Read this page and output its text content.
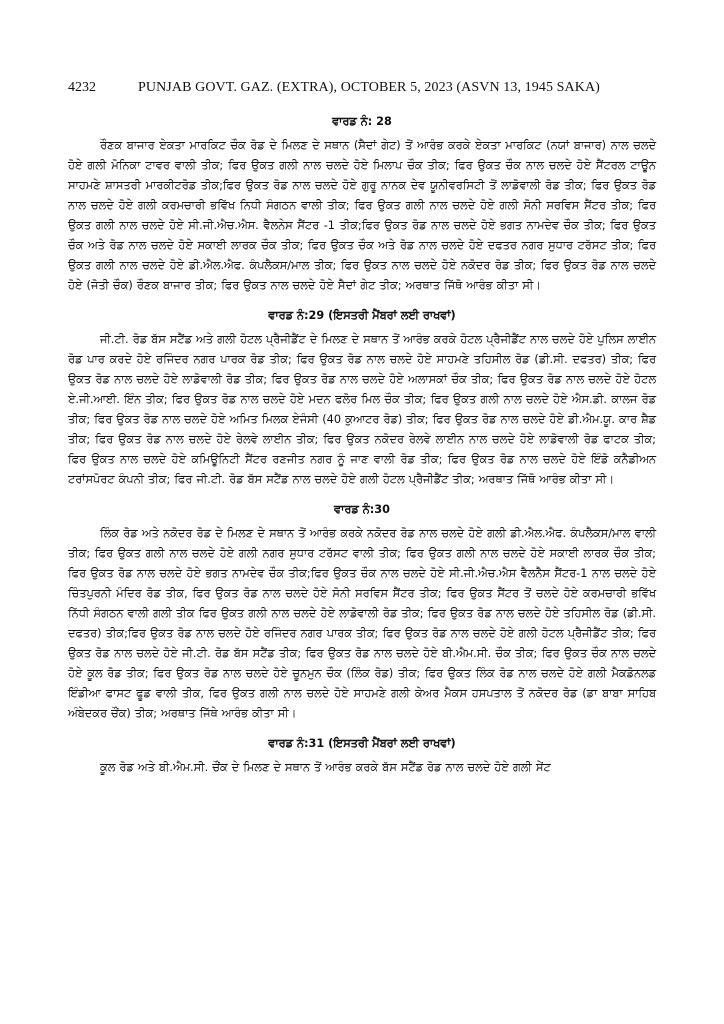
4232	PUNJAB GOVT. GAZ. (EXTRA), OCTOBER 5, 2023 (ASVN 13, 1945 SAKA)

ਵਾਰਡ ਨੰ: 28

ਰੌਣਕ ਬਾਜਾਰ ਏਕਤਾ ਮਾਰਕਿਟ ਚੌਕ ਰੋਡ ਦੇ ਮਿਲਣ ਦੇ ਸਥਾਨ (ਸੈਦਾਂ ਗੇਟ) ਤੋਂ ਆਰੰਭ ਕਰਕੇ ਏਕਤਾ ਮਾਰਕਿਟ (ਨਯਾਂ ਬਾਜਾਰ) ਨਾਲ ਚਲਦੇ ਹੋਏ ਗਲੀ ਮੋਨਿਕਾ ਟਾਵਰ ਵਾਲੀ ਤੀਕ; ਫਿਰ ਉਕਤ ਗਲੀ ਨਾਲ ਚਲਦੇ ਹੋਏ ਮਿਲਾਪ ਚੌਕ ਤੀਕ; ਫਿਰ ਉਕਤ ਚੌਕ ਨਾਲ ਚਲਦੇ ਹੋਏ ਸੈਂਟਰਲ ਟਾਊਨ ਸਾਹਮਣੇ ਸ਼ਾਸਤਰੀ ਮਾਰਕੀਟਰੋਡ ਤੀਕ;ਫਿਰ ਉਕਤ ਰੋਡ ਨਾਲ ਚਲਦੇ ਹੋਏ ਗੁਰੂ ਨਾਨਕ ਦੇਵ ਯੂਨੀਵਰਸਿਟੀ ਤੋਂ ਲਾਡੋਵਾਲੀ ਰੋਡ ਤੀਕ; ਫਿਰ ਉਕਤ ਰੋਡ ਨਾਲ ਚਲਦੇ ਹੋਏ ਗਲੀ ਕਰਮਚਾਰੀ ਭਵਿੱਖ ਨਿਧੀ ਸੰਗਠਨ ਵਾਲੀ ਤੀਕ; ਫਿਰ ਉਕਤ ਗਲੀ ਨਾਲ ਚਲਦੇ ਹੋਏ ਗਲੀ ਸੋਨੀ ਸਰਵਿਸ ਸੈਂਟਰ ਤੀਕ; ਫਿਰ ਉਕਤ ਗਲੀ ਨਾਲ ਚਲਦੇ ਹੋਏ ਸੀ.ਜੀ.ਐਚ.ਐਸ. ਵੈਲਨੇਸ ਸੈਂਟਰ -1 ਤੀਕ;ਫਿਰ ਉਕਤ ਰੋਡ ਨਾਲ ਚਲਦੇ ਹੋਏ ਭਗਤ ਨਾਮਦੇਵ ਚੌਕ ਤੀਕ; ਫਿਰ ਉਕਤ ਚੌਕ ਅਤੇ ਰੋਡ ਨਾਲ ਚਲਦੇ ਹੋਏ ਸਕਾਈ ਲਾਰਕ ਚੌਕ ਤੀਕ; ਫਿਰ ਉਕਤ ਚੌਕ ਅਤੇ ਰੋਡ ਨਾਲ ਚਲਦੇ ਹੋਏ ਦਫਤਰ ਨਗਰ ਸੁਧਾਰ ਟਰੱਸਟ ਤੀਕ; ਫਿਰ ਉਕਤ ਗਲੀ ਨਾਲ ਚਲਦੇ ਹੋਏ ਡੀ.ਐਲ.ਐਫ. ਕੰਪਲੈਕਸ/ਮਾਲ ਤੀਕ; ਫਿਰ ਉਕਤ ਨਾਲ ਚਲਦੇ ਹੋਏ ਨਕੋਦਰ ਰੋਡ ਤੀਕ; ਫਿਰ ਉਕਤ ਰੋਡ ਨਾਲ ਚਲਦੇ ਹੋਏ (ਜੋਤੀ ਚੌਕ) ਰੌਣਕ ਬਾਜਾਰ ਤੀਕ; ਫਿਰ ਉਕਤ ਨਾਲ ਚਲਦੇ ਹੋਏ ਸੈਦਾਂ ਗੇਟ ਤੀਕ; ਅਰਥਾਤ ਜਿੱਥੋ ਆਰੰਭ ਕੀਤਾ ਸੀ।

ਵਾਰਡ ਨੰ:29 (ਇਸਤਰੀ ਮੈਂਬਰਾਂ ਲਈ ਰਾਖਵਾਂ)

ਜੀ.ਟੀ. ਰੋਡ ਬੱਸ ਸਟੈਂਡ ਅਤੇ ਗਲੀ ਹੋਟਲ ਪ੍ਰੈਜੀਡੈਂਟ ਦੇ ਮਿਲਣ ਦੇ ਸਥਾਨ ਤੋਂ ਆਰੰਭ ਕਰਕੇ ਹੋਟਲ ਪ੍ਰੈਜੀਡੈਂਟ ਨਾਲ ਚਲਦੇ ਹੋਏ ਪੁਲਿਸ ਲਾਈਨ ਰੋਡ ਪਾਰ ਕਰਦੇ ਹੋਏ ਰਜਿੰਦਰ ਨਗਰ ਪਾਰਕ ਰੋਡ ਤੀਕ; ਫਿਰ ਉਕਤ ਰੋਡ ਨਾਲ ਚਲਦੇ ਹੋਏ ਸਾਹਮਣੇ ਤਹਿਸੀਲ ਰੋਡ (ਡੀ.ਸੀ. ਦਫਤਰ) ਤੀਕ; ਫਿਰ ਉਕਤ ਰੋਡ ਨਾਲ ਚਲਦੇ ਹੋਏ ਲਾਡੋਵਾਲੀ ਰੋਡ ਤੀਕ; ਫਿਰ ਉਕਤ ਰੋਡ ਨਾਲ ਚਲਦੇ ਹੋਏ ਅਲਾਸਕਾਂ ਚੌਕ ਤੀਕ; ਫਿਰ ਉਕਤ ਰੋਡ ਨਾਲ ਚਲਦੇ ਹੋਏ ਹੋਟਲ ਏ.ਜੀ.ਆਈ. ਇੰਨ ਤੀਕ; ਫਿਰ ਉਕਤ ਰੋਡ ਨਾਲ ਚਲਦੇ ਹੋਏ ਮਦਨ ਫਲੋਰ ਮਿਲ ਚੌਕ ਤੀਕ; ਫਿਰ ਉਕਤ ਗਲੀ ਨਾਲ ਚਲਦੇ ਹੋਏ ਐਸ.ਡੀ. ਕਾਲਜ ਰੋਡ ਤੀਕ; ਫਿਰ ਉਕਤ ਰੋਡ ਨਾਲ ਚਲਦੇ ਹੋਏ ਅਮਿਤ ਮਿਲਕ ਏਜੰਸੀ (40 ਕੁਆਟਰ ਰੋਡ) ਤੀਕ; ਫਿਰ ਉਕਤ ਰੋਡ ਨਾਲ ਚਲਦੇ ਹੋਏ ਡੀ.ਐਮ.ਯੂ. ਕਾਰ ਸ਼ੈਡ ਤੀਕ; ਫਿਰ ਉਕਤ ਰੋਡ ਨਾਲ ਚਲਦੇ ਹੋਏ ਰੇਲਵੇ ਲਾਈਨ ਤੀਕ; ਫਿਰ ਉਕਤ ਨਕੋਦਰ ਰੇਲਵੇ ਲਾਈਨ ਨਾਲ ਚਲਦੇ ਹੋਏ ਲਾਡੋਵਾਲੀ ਰੋਡ ਫਾਟਕ ਤੀਕ; ਫਿਰ ਉਕਤ ਨਾਲ ਚਲਦੇ ਹੋਏ ਕਮਿਊਨਿਟੀ ਸੈਂਟਰ ਰਣਜੀਤ ਨਗਰ ਨੂੰ ਜਾਣ ਵਾਲੀ ਰੋਡ ਤੀਕ; ਫਿਰ ਉਕਤ ਰੋਡ ਨਾਲ ਚਲਦੇ ਹੋਏ ਇੰਡੋ ਕਨੈਡੀਅਨ ਟਰਾਂਸਪੋਰਟ ਕੰਪਨੀ ਤੀਕ; ਫਿਰ ਜੀ.ਟੀ. ਰੋਡ ਬੱਸ ਸਟੈਂਡ ਨਾਲ ਚਲਦੇ ਹੋਏ ਗਲੀ ਹੋਟਲ ਪ੍ਰੈਜੀਡੈਂਟ ਤੀਕ; ਅਰਥਾਤ ਜਿੱਥੋ ਆਰੰਭ ਕੀਤਾ ਸੀ।

ਵਾਰਡ ਨੰ:30

ਲਿੰਕ ਰੋਡ ਅਤੇ ਨਕੋਦਰ ਰੋਡ ਦੇ ਮਿਲਣ ਦੇ ਸਥਾਨ ਤੋਂ ਆਰੰਭ ਕਰਕੇ ਨਕੋਦਰ ਰੋਡ ਨਾਲ ਚਲਦੇ ਹੋਏ ਗਲੀ ਡੀ.ਐਲ.ਐਫ. ਕੰਪਲੈਕਸ/ਮਾਲ ਵਾਲੀ ਤੀਕ; ਫਿਰ ਉਕਤ ਗਲੀ ਨਾਲ ਚਲਦੇ ਹੋਏ ਗਲੀ ਨਗਰ ਸੁਧਾਰ ਟਰੱਸਟ ਵਾਲੀ ਤੀਕ; ਫਿਰ ਉਕਤ ਗਲੀ ਨਾਲ ਚਲਦੇ ਹੋਏ ਸਕਾਈ ਲਾਰਕ ਚੌਕ ਤੀਕ; ਫਿਰ ਉਕਤ ਰੋਡ ਨਾਲ ਚਲਦੇ ਹੋਏ ਭਗਤ ਨਾਮਦੇਵ ਚੌਕ ਤੀਕ;ਫਿਰ ਉਕਤ ਚੌਕ ਨਾਲ ਚਲਦੇ ਹੋਏ ਸੀ.ਜੀ.ਐਚ.ਐਸ ਵੈਲਨੈਸ ਸੈਂਟਰ-1 ਨਾਲ ਚਲਦੇ ਹੋਏ ਚਿੰਤਪੁਰਨੀ ਮੰਦਿਰ ਰੋਡ ਤੀਕ, ਫਿਰ ਉਕਤ ਰੋਡ ਨਾਲ ਚਲਦੇ ਹੋਏ ਸੋਨੀ ਸਰਵਿਸ ਸੈਂਟਰ ਤੀਕ; ਫਿਰ ਉਕਤ ਸੈਂਟਰ ਤੋਂ ਚਲਦੇ ਹੋਏ ਕਰਮਚਾਰੀ ਭਵਿੱਖ ਨਿੱਧੀ ਸੰਗਠਨ ਵਾਲੀ ਗਲੀ ਤੀਕ ਫਿਰ ਉਕਤ ਗਲੀ ਨਾਲ ਚਲਦੇ ਹੋਏ ਲਾਡੋਵਾਲੀ ਰੋਡ ਤੀਕ; ਫਿਰ ਉਕਤ ਰੋਡ ਨਾਲ ਚਲਦੇ ਹੋਏ ਤਹਿਸੀਲ ਰੋਡ (ਡੀ.ਸੀ. ਦਫਤਰ) ਤੀਕ;ਫਿਰ ਉਕਤ ਰੋਡ ਨਾਲ ਚਲਦੇ ਹੋਏ ਰਜਿੰਦਰ ਨਗਰ ਪਾਰਕ ਤੀਕ; ਫਿਰ ਉਕਤ ਰੋਡ ਨਾਲ ਚਲਦੇ ਹੋਏ ਗਲੀ ਹੋਟਲ ਪ੍ਰੈਜੀਡੈਂਟ ਤੀਕ; ਫਿਰ ਉਕਤ ਰੋਡ ਨਾਲ ਚਲਦੇ ਹੋਏ ਜੀ.ਟੀ. ਰੋਡ ਬੱਸ ਸਟੈਂਡ ਤੀਕ; ਫਿਰ ਉਕਤ ਰੋਡ ਨਾਲ ਚਲਦੇ ਹੋਏ ਬੀ.ਐਮ.ਸੀ. ਚੌਕ ਤੀਕ; ਫਿਰ ਉਕਤ ਚੌਕ ਨਾਲ ਚਲਦੇ ਹੋਏ ਕੂਲ ਰੋਡ ਤੀਕ; ਫਿਰ ਉਕਤ ਰੋਡ ਨਾਲ ਚਲਦੇ ਹੋਏ ਚੂਨਮੁਨ ਚੌਕ (ਲਿੰਕ ਰੋਡ) ਤੀਕ; ਫਿਰ ਉਕਤ ਲਿੰਕ ਰੋਡ ਨਾਲ ਚਲਦੇ ਹੋਏ ਗਲੀ ਮੈਕਡੋਨਲਡ ਇੰਡੀਆ ਫਾਸਟ ਫੂਡ ਵਾਲੀ ਤੀਕ, ਫਿਰ ਉਕਤ ਗਲੀ ਨਾਲ ਚਲਦੇ ਹੋਏ ਸਾਹਮਣੇ ਗਲੀ ਕੇਅਰ ਮੈਕਸ ਹਸਪਤਾਲ ਤੋਂ ਨਕੋਦਰ ਰੋਡ (ਡਾ ਬਾਬਾ ਸਾਹਿਬ ਅੰਬੇਦਕਰ ਚੌਂਕ) ਤੀਕ; ਅਰਥਾਤ ਜਿੱਥੇ ਆਰੰਭ ਕੀਤਾ ਸੀ।

ਵਾਰਡ ਨੰ:31 (ਇਸਤਰੀ ਮੈਂਬਰਾਂ ਲਈ ਰਾਖਵਾਂ)

ਕੂਲ ਰੋਡ ਅਤੇ ਬੀ.ਐਮ.ਸੀ. ਚੌਂਕ ਦੇ ਮਿਲਣ ਦੇ ਸਥਾਨ ਤੋਂ ਆਰੰਭ ਕਰਕੇ ਬੱਸ ਸਟੈਂਡ ਰੋਡ ਨਾਲ ਚਲਦੇ ਹੋਏ ਗਲੀ ਸੇਂਟ
